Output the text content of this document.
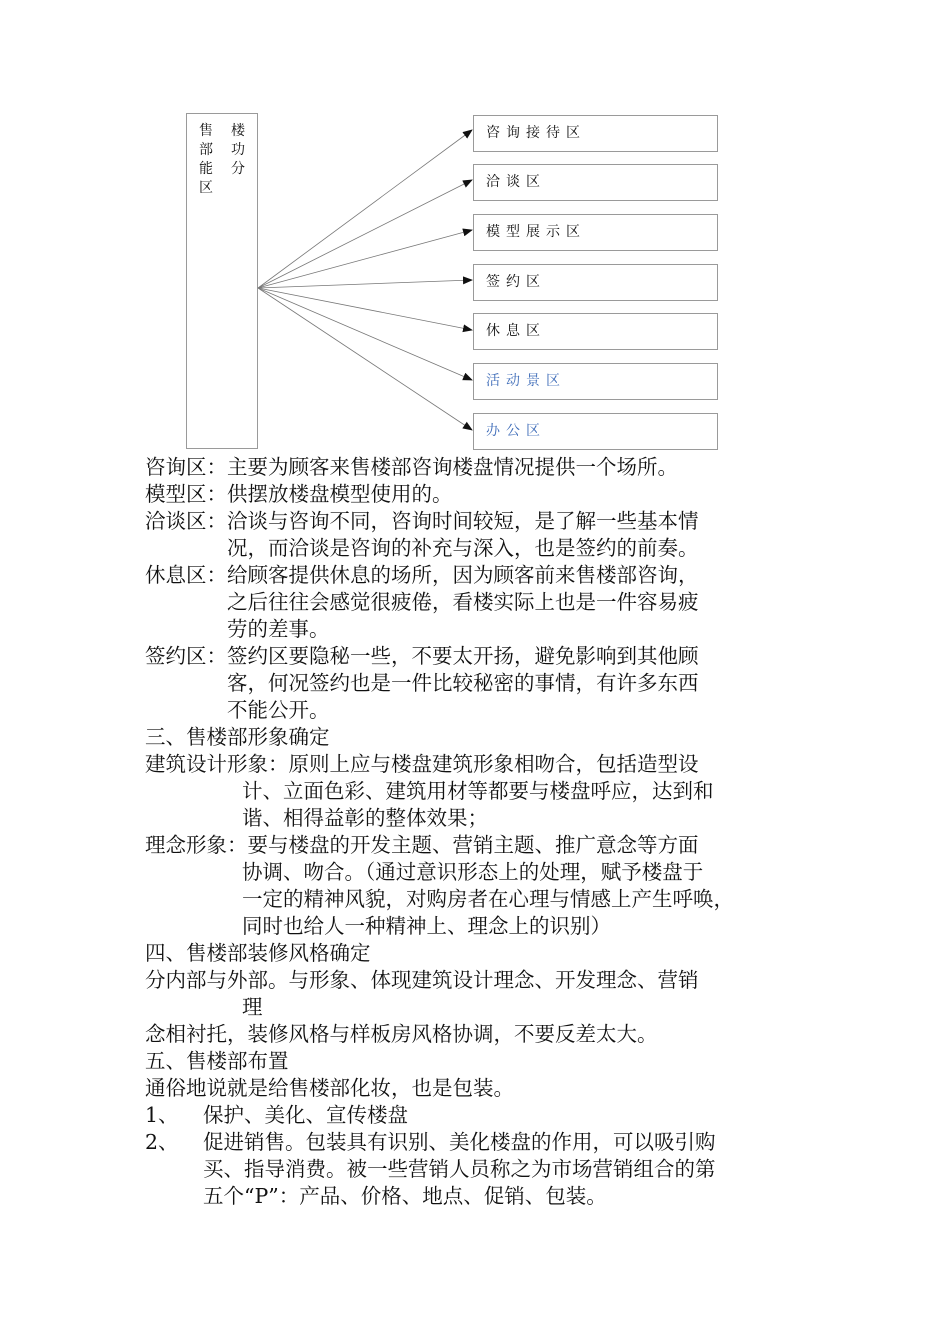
售部能区
楼功分
咨询接待区
洽谈区
模型展示区
签约区
休息区
活动景区
办公区
咨询区： 主要为顾客来售楼部咨询楼盘情况提供一个场所。
模型区： 供摆放楼盘模型使用的。
洽谈区： 洽谈与咨询不同，咨询时间较短，是了解一些基本情
况，而洽谈是咨询的补充与深入，也是签约的前奏。
休息区： 给顾客提供休息的场所，因为顾客前来售楼部咨询，
之后往往会感觉很疲倦，看楼实际上也是一件容易疲
劳的差事。
签约区： 签约区要隐秘一些，不要太开扬，避免影响到其他顾
客，何况签约也是一件比较秘密的事情，有许多东西
不能公开。
三、售楼部形象确定
建筑设计形象： 原则上应与楼盘建筑形象相吻合，包括造型设
计、立面色彩、建筑用材等都要与楼盘呼应，达到和
谐、相得益彰的整体效果；
理念形象： 要与楼盘的开发主题、营销主题、推广意念等方面
协调、吻合。（通过意识形态上的处理，赋予楼盘于
一定的精神风貌，对购房者在心理与情感上产生呼唤，
同时也给人一种精神上、理念上的识别）
四、售楼部装修风格确定
分内部与外部。与形象、体现建筑设计理念、开发理念、营销
理
念相衬托，装修风格与样板房风格协调，不要反差太大。
五、售楼部布置
通俗地说就是给售楼部化妆，也是包装。
1、	保护、美化、宣传楼盘
2、	促进销售。包装具有识别、美化楼盘的作用，可以吸引购
买、指导消费。被一些营销人员称之为市场营销组合的第
五个“P”：产品、价格、地点、促销、包装。
